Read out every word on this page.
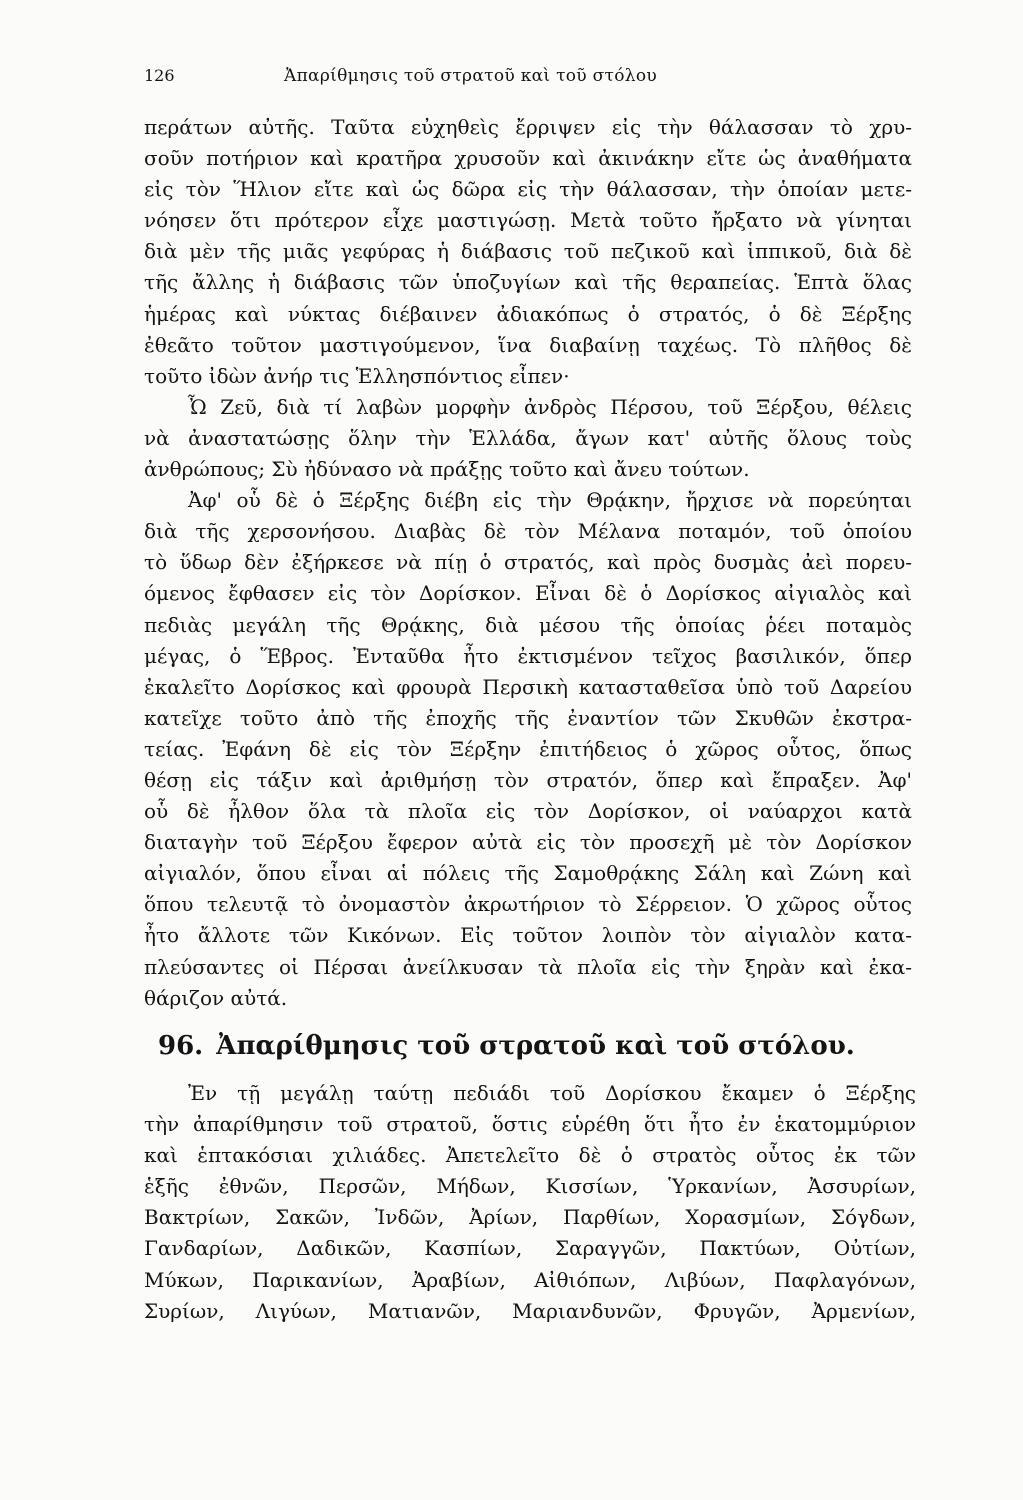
126	Ἀπαρίθμησις τοῦ στρατοῦ καὶ τοῦ στόλου
περάτων αὐτῆς. Ταῦτα εὐχηθεὶς ἔρριψεν εἰς τὴν θάλασσαν τὸ χρυ-
σοῦν ποτήριον καὶ κρατῆρα χρυσοῦν καὶ ἀκινάκην εἴτε ὡς ἀναθήματα
εἰς τὸν Ἥλιον εἴτε καὶ ὡς δῶρα εἰς τὴν θάλασσαν, τὴν ὁποίαν μετε-
νόησεν ὅτι πρότερον εἶχε μαστιγώσῃ. Μετὰ τοῦτο ἤρξατο νὰ γίνηται
διὰ μὲν τῆς μιᾶς γεφύρας ἡ διάβασις τοῦ πεζικοῦ καὶ ἱππικοῦ, διὰ δὲ
τῆς ἄλλης ἡ διάβασις τῶν ὑποζυγίων καὶ τῆς θεραπείας. Ἑπτὰ ὅλας
ἡμέρας καὶ νύκτας διέβαινεν ἀδιακόπως ὁ στρατός, ὁ δὲ Ξέρξης
ἐθεᾶτο τοῦτον μαστιγούμενον, ἵνα διαβαίνῃ ταχέως. Τὸ πλῆθος δὲ
τοῦτο ἰδὼν ἀνήρ τις Ἑλλησπόντιος εἶπεν·
Ὦ Ζεῦ, διὰ τί λαβὼν μορφὴν ἀνδρὸς Πέρσου, τοῦ Ξέρξου, θέλεις
νὰ ἀναστατώσῃς ὅλην τὴν Ἑλλάδα, ἄγων κατ' αὐτῆς ὅλους τοὺς
ἀνθρώπους; Σὺ ἠδύνασο νὰ πράξῃς τοῦτο καὶ ἄνευ τούτων.
Ἀφ' οὗ δὲ ὁ Ξέρξης διέβη εἰς τὴν Θρᾴκην, ἤρχισε νὰ πορεύηται
διὰ τῆς χερσονήσου. Διαβὰς δὲ τὸν Μέλανα ποταμόν, τοῦ ὁποίου
τὸ ὕδωρ δὲν ἐξήρκεσε νὰ πίῃ ὁ στρατός, καὶ πρὸς δυσμὰς ἀεὶ πορευ-
όμενος ἔφθασεν εἰς τὸν Δορίσκον. Εἶναι δὲ ὁ Δορίσκος αἰγιαλὸς καὶ
πεδιὰς μεγάλη τῆς Θρᾴκης, διὰ μέσου τῆς ὁποίας ῥέει ποταμὸς
μέγας, ὁ Ἕβρος. Ἐνταῦθα ἦτο ἐκτισμένον τεῖχος βασιλικόν, ὅπερ
ἐκαλεῖτο Δορίσκος καὶ φρουρὰ Περσικὴ κατασταθεῖσα ὑπὸ τοῦ Δαρείου
κατεῖχε τοῦτο ἀπὸ τῆς ἐποχῆς τῆς ἐναντίον τῶν Σκυθῶν ἐκστρα-
τείας. Ἐφάνη δὲ εἰς τὸν Ξέρξην ἐπιτήδειος ὁ χῶρος οὗτος, ὅπως
θέσῃ εἰς τάξιν καὶ ἀριθμήσῃ τὸν στρατόν, ὅπερ καὶ ἔπραξεν. Ἀφ'
οὗ δὲ ἦλθον ὅλα τὰ πλοῖα εἰς τὸν Δορίσκον, οἱ ναύαρχοι κατὰ
διαταγὴν τοῦ Ξέρξου ἔφερον αὐτὰ εἰς τὸν προσεχῆ μὲ τὸν Δορίσκον
αἰγιαλόν, ὅπου εἶναι αἱ πόλεις τῆς Σαμοθρᾴκης Σάλη καὶ Ζώνη καὶ
ὅπου τελευτᾷ τὸ ὀνομαστὸν ἀκρωτήριον τὸ Σέρρειον. Ὁ χῶρος οὗτος
ἦτο ἄλλοτε τῶν Κικόνων. Εἰς τοῦτον λοιπὸν τὸν αἰγιαλὸν κατα-
πλεύσαντες οἱ Πέρσαι ἀνείλκυσαν τὰ πλοῖα εἰς τὴν ξηρὰν καὶ ἐκα-
θάριζον αὐτά.
96. Ἀπαρίθμησις τοῦ στρατοῦ καὶ τοῦ στόλου.
Ἐν τῇ μεγάλῃ ταύτῃ πεδιάδι τοῦ Δορίσκου ἔκαμεν ὁ Ξέρξης
τὴν ἀπαρίθμησιν τοῦ στρατοῦ, ὅστις εὑρέθη ὅτι ἦτο ἐν ἑκατομμύριον
καὶ ἑπτακόσιαι χιλιάδες. Ἀπετελεῖτο δὲ ὁ στρατὸς οὗτος ἐκ τῶν
ἑξῆς ἐθνῶν, Περσῶν, Μήδων, Κισσίων, Ὑρκανίων, Ἀσσυρίων,
Βακτρίων, Σακῶν, Ἰνδῶν, Ἀρίων, Παρθίων, Χορασμίων, Σόγδων,
Γανδαρίων, Δαδικῶν, Κασπίων, Σαραγγῶν, Πακτύων, Οὐτίων,
Μύκων, Παρικανίων, Ἀραβίων, Αἰθιόπων, Λιβύων, Παφλαγόνων,
Συρίων, Λιγύων, Ματιανῶν, Μαριανδυνῶν, Φρυγῶν, Ἀρμενίων,
